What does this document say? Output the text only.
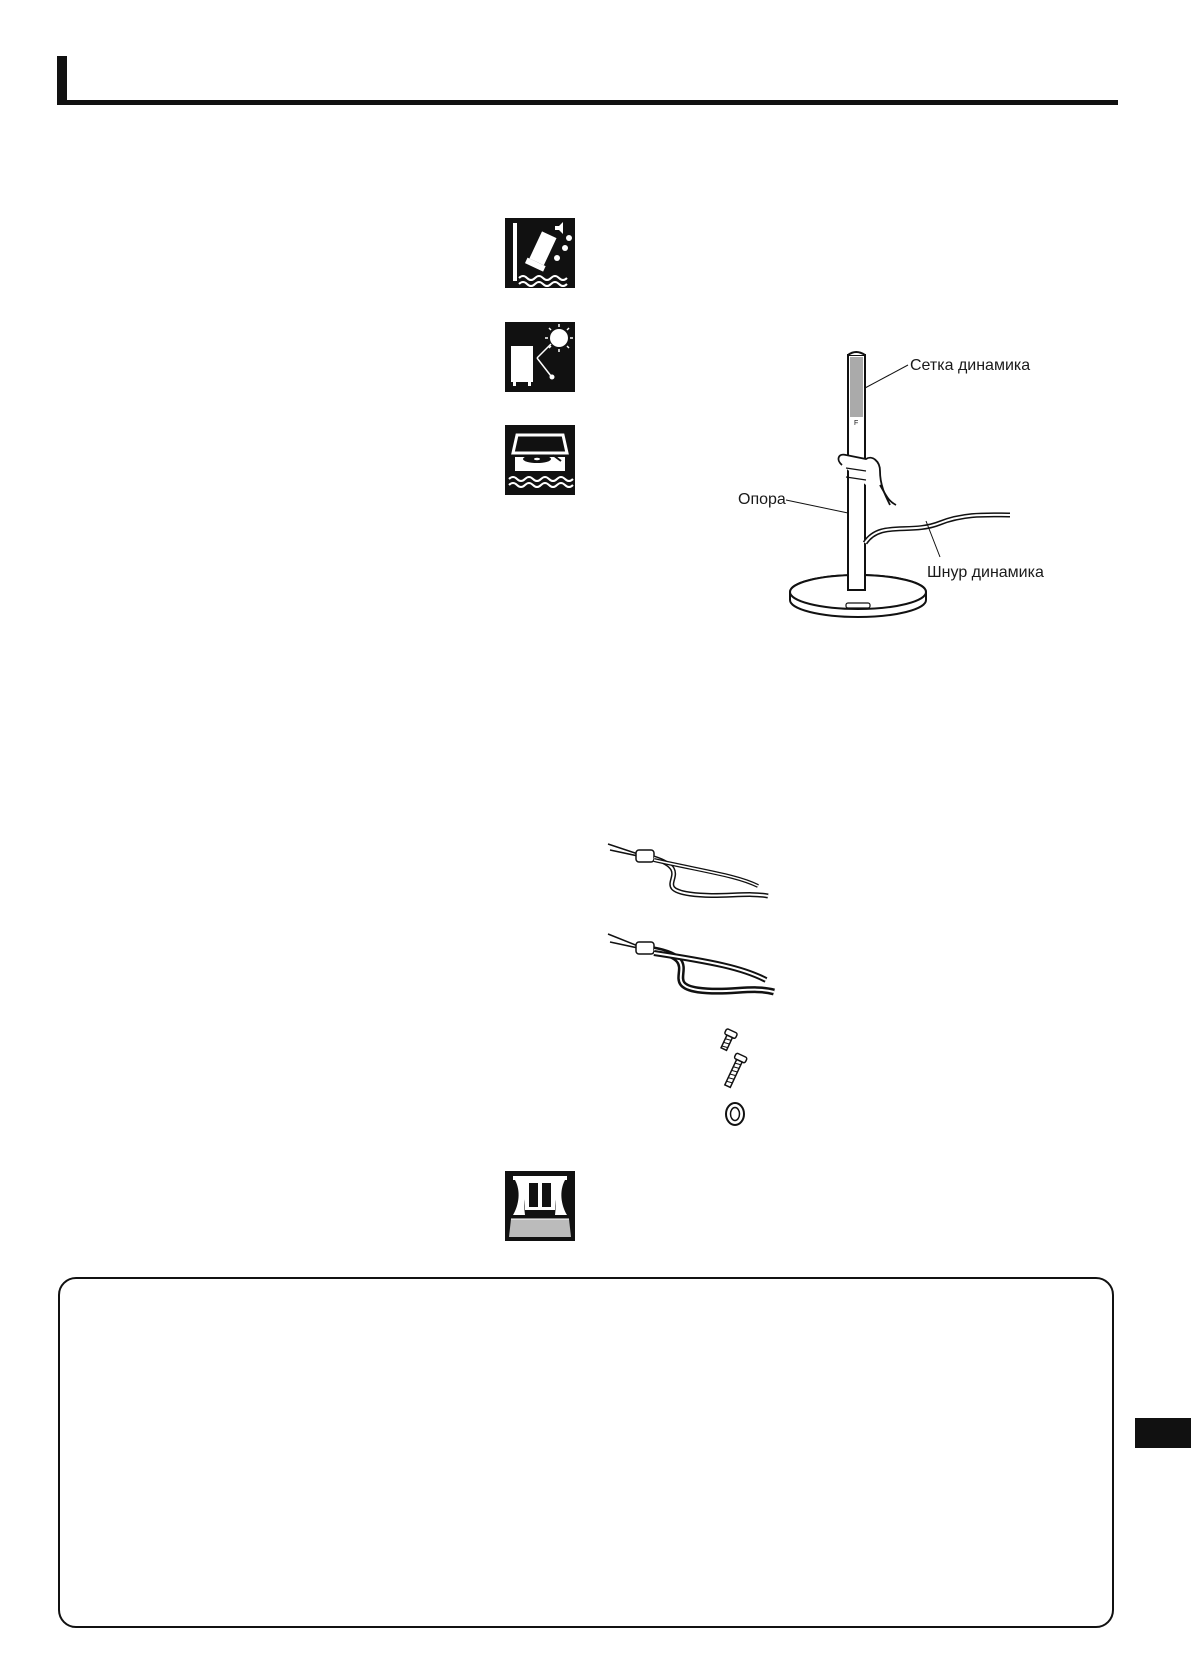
F
Сетка динамика
Опора
Шнур динамика
